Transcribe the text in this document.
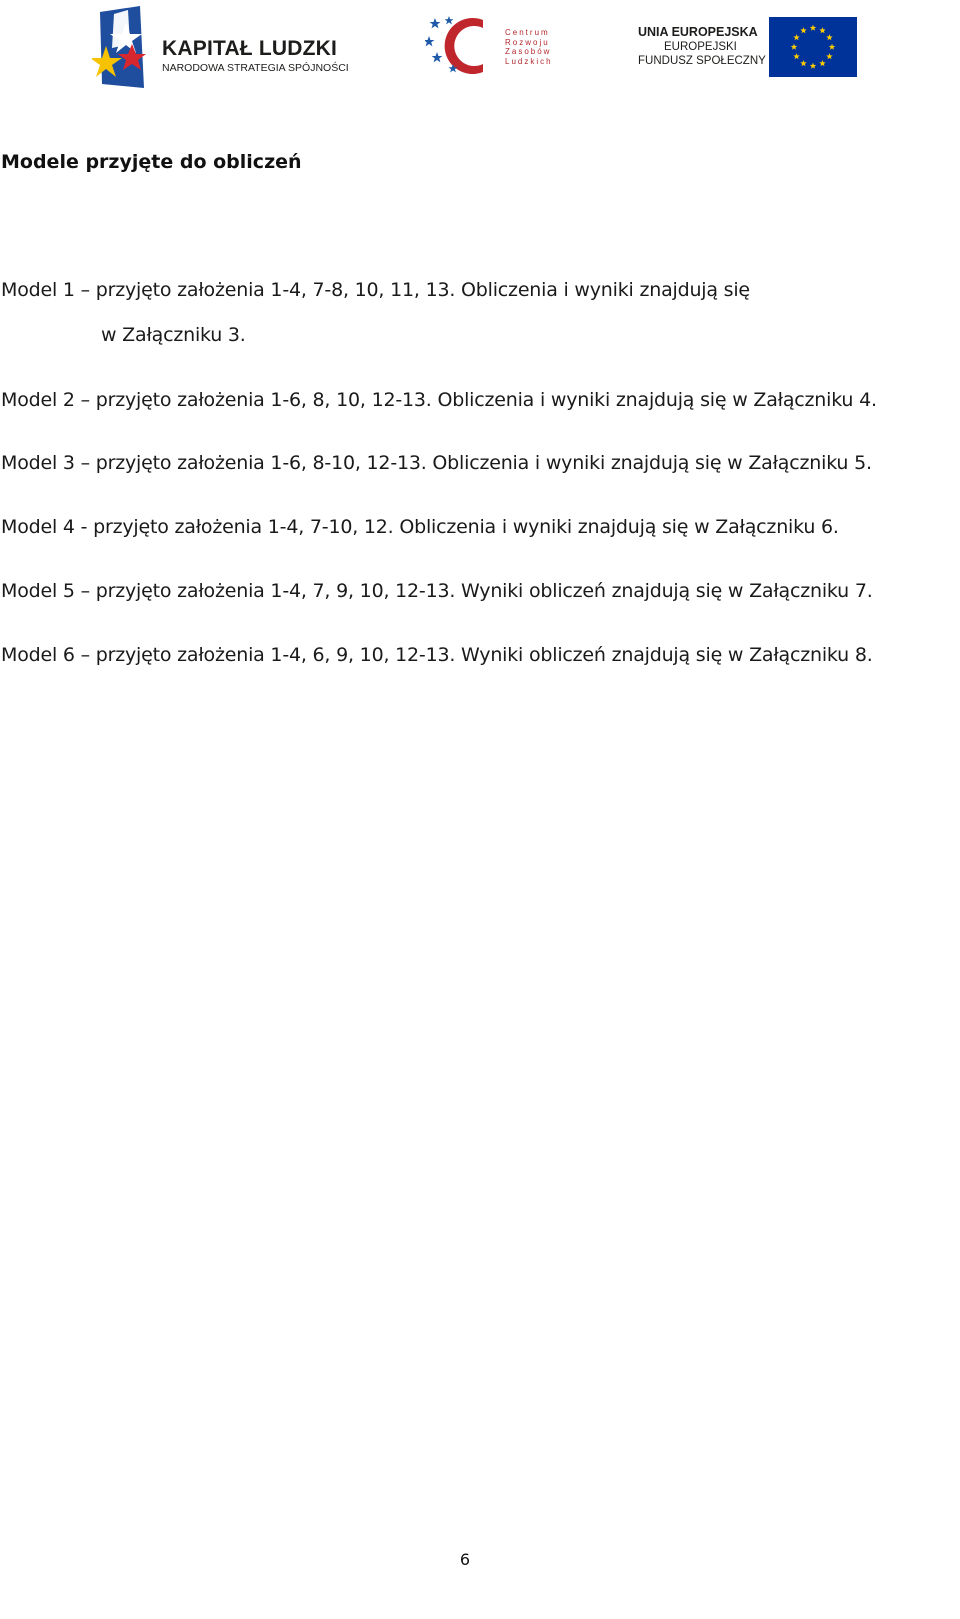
KAPITAŁ LUDZKI
NARODOWA STRATEGIA SPÓJNOŚCI
Centrum
Rozwoju
Zasobów
Ludzkich
UNIA EUROPEJSKA
EUROPEJSKI
FUNDUSZ SPOŁECZNY
Modele przyjęte do obliczeń

Model 1 – przyjęto założenia 1-4, 7-8, 10, 11, 13. Obliczenia i wyniki znajdują się

w Załączniku 3.

Model 2 – przyjęto założenia 1-6, 8, 10, 12-13. Obliczenia i wyniki znajdują się w Załączniku 4.

Model 3 – przyjęto założenia 1-6, 8-10, 12-13. Obliczenia i wyniki znajdują się w Załączniku 5.

Model 4 - przyjęto założenia 1-4, 7-10, 12. Obliczenia i wyniki znajdują się w Załączniku 6.

Model 5 – przyjęto założenia 1-4, 7, 9, 10, 12-13. Wyniki obliczeń znajdują się w Załączniku 7.

Model 6 – przyjęto założenia 1-4, 6, 9, 10, 12-13. Wyniki obliczeń znajdują się w Załączniku 8.

6
